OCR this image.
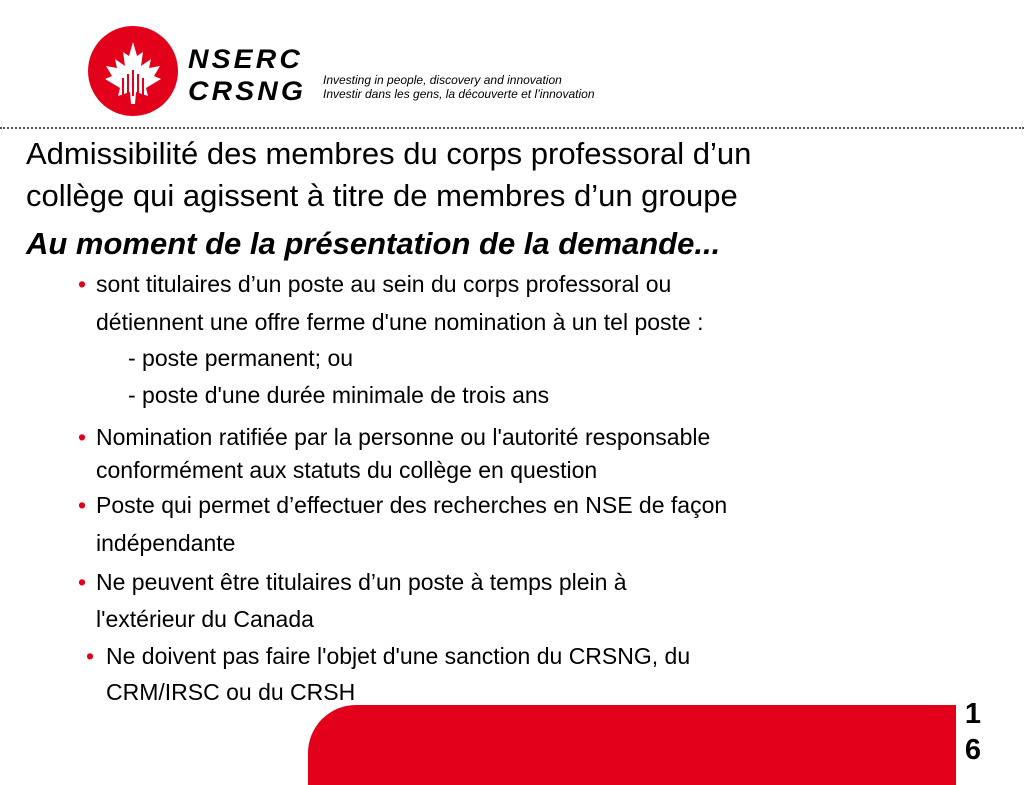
NSERC
CRSNG Investing in people, discovery and innovation
Investir dans les gens, la découverte et l’innovation
Admissibilité des membres du corps professoral d’un
collège qui agissent à titre de membres d’un groupe
Au moment de la présentation de la demande...
• sont titulaires d’un poste au sein du corps professoral ou

détiennent une offre ferme d'une nomination à un tel poste :

- poste permanent; ou

- poste d'une durée minimale de trois ans

• Nomination ratifiée par la personne ou l'autorité responsable

conformément aux statuts du collège en question

• Poste qui permet d’effectuer des recherches en NSE de façon

indépendante

• Ne peuvent être titulaires d’un poste à temps plein à

l'extérieur du Canada

• Ne doivent pas faire l'objet d'une sanction du CRSNG, du

CRM/IRSC ou du CRSH

1
6
